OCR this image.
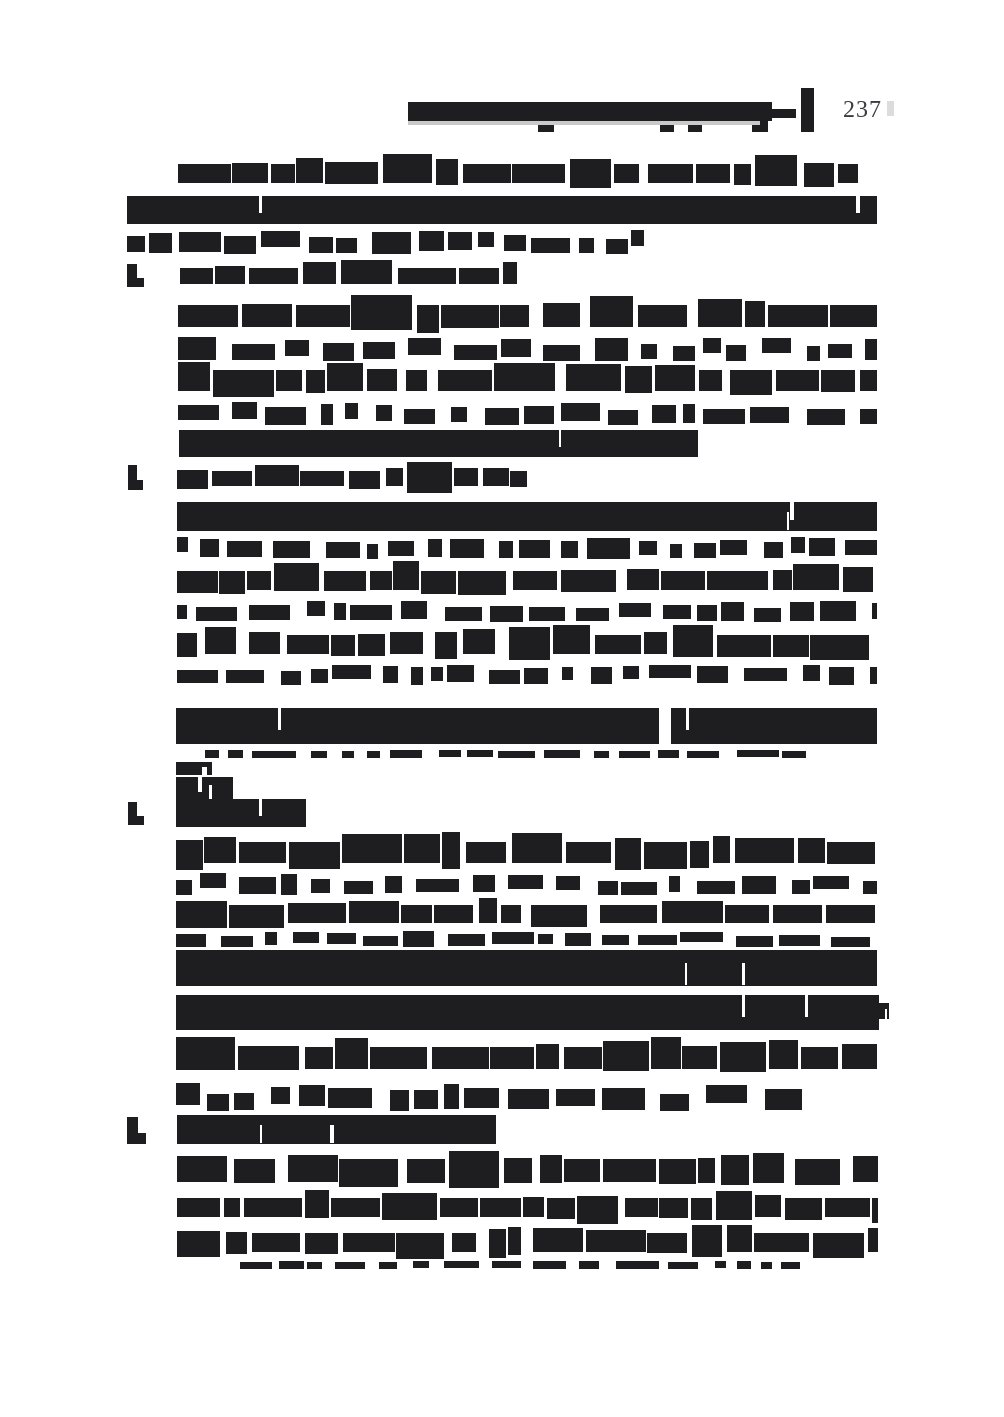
237
